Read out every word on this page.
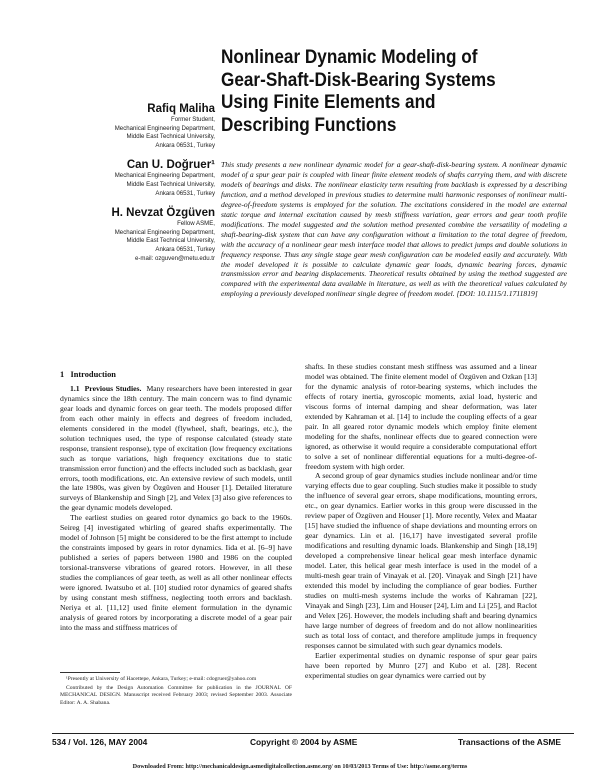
Nonlinear Dynamic Modeling of
Gear-Shaft-Disk-Bearing Systems
Using Finite Elements and
Describing Functions
Rafiq Maliha
Former Student,
Mechanical Engineering Department,
Middle East Technical University,
Ankara 06531, Turkey
Can U. Doğruer¹
Mechanical Engineering Department,
Middle East Technical University,
Ankara 06531, Turkey
H. Nevzat Özgüven
Fellow ASME,
Mechanical Engineering Department,
Middle East Technical University,
Ankara 06531, Turkey
e-mail: ozguven@metu.edu.tr
This study presents a new nonlinear dynamic model for a gear-shaft-disk-bearing system. A nonlinear dynamic model of a spur gear pair is coupled with linear finite element models of shafts carrying them, and with discrete models of bearings and disks. The nonlinear elasticity term resulting from backlash is expressed by a describing function, and a method developed in previous studies to determine multi harmonic responses of nonlinear multi-degree-of-freedom systems is employed for the solution. The excitations considered in the model are external static torque and internal excitation caused by mesh stiffness variation, gear errors and gear tooth profile modifications. The model suggested and the solution method presented combine the versatility of modeling a shaft-bearing-disk system that can have any configuration without a limitation to the total degree of freedom, with the accuracy of a nonlinear gear mesh interface model that allows to predict jumps and double solutions in frequency response. Thus any single stage gear mesh configuration can be modeled easily and accurately. With the model developed it is possible to calculate dynamic gear loads, dynamic bearing forces, dynamic transmission error and bearing displacements. Theoretical results obtained by using the method suggested are compared with the experimental data available in literature, as well as with the theoretical values calculated by employing a previously developed nonlinear single degree of freedom model. [DOI: 10.1115/1.1711819]
1 Introduction

1.1 Previous Studies. Many researchers have been interested in gear dynamics since the 18th century. The main concern was to find dynamic gear loads and dynamic forces on gear teeth. The models proposed differ from each other mainly in effects and degrees of freedom included, elements considered in the model (flywheel, shaft, bearings, etc.), the solution techniques used, the type of response calculated (steady state response, transient response), type of excitation (low frequency excitations such as torque variations, high frequency excitations due to static transmission error function) and the effects included such as backlash, gear errors, tooth modifications, etc. An extensive review of such models, until the late 1980s, was given by Özgüven and Houser [1]. Detailed literature surveys of Blankenship and Singh [2], and Velex [3] also give references to the gear dynamic models developed.

The earliest studies on geared rotor dynamics go back to the 1960s. Seireg [4] investigated whirling of geared shafts experimentally. The model of Johnson [5] might be considered to be the first attempt to include the constraints imposed by gears in rotor dynamics. Iida et al. [6–9] have published a series of papers between 1980 and 1986 on the coupled torsional-transverse vibrations of geared rotors. However, in all these studies the compliances of gear teeth, as well as all other nonlinear effects were ignored. Iwatsubo et al. [10] studied rotor dynamics of geared shafts by using constant mesh stiffness, neglecting tooth errors and backlash. Neriya et al. [11,12] used finite element formulation in the dynamic analysis of geared rotors by incorporating a discrete model of a gear pair into the mass and stiffness matrices of

shafts. In these studies constant mesh stiffness was assumed and a linear model was obtained. The finite element model of Özgüven and Ozkan [13] for the dynamic analysis of rotor-bearing systems, which includes the effects of rotary inertia, gyroscopic moments, axial load, hysteric and viscous forms of internal damping and shear deformation, was later extended by Kahraman et al. [14] to include the coupling effects of a gear pair. In all geared rotor dynamic models which employ finite element modeling for the shafts, nonlinear effects due to geared connection were ignored, as otherwise it would require a considerable computational effort to solve a set of nonlinear differential equations for a multi-degree-of-freedom system with high order.

A second group of gear dynamics studies include nonlinear and/or time varying effects due to gear coupling. Such studies make it possible to study the influence of several gear errors, shape modifications, mounting errors, etc., on gear dynamics. Earlier works in this group were discussed in the review paper of Özgüven and Houser [1]. More recently, Velex and Maatar [15] have studied the influence of shape deviations and mounting errors on gear dynamics. Lin et al. [16,17] have investigated several profile modifications and resulting dynamic loads. Blankenship and Singh [18,19] developed a comprehensive linear helical gear mesh interface dynamic model. Later, this helical gear mesh interface is used in the model of a multi-mesh gear train of Vinayak et al. [20]. Vinayak and Singh [21] have extended this model by including the compliance of gear bodies. Further studies on multi-mesh systems include the works of Kahraman [22], Vinayak and Singh [23], Lim and Houser [24], Lim and Li [25], and Raclot and Velex [26]. However, the models including shaft and bearing dynamics have large number of degrees of freedom and do not allow nonlinearities such as total loss of contact, and therefore amplitude jumps in frequency responses cannot be simulated with such gear dynamics models.

Earlier experimental studies on dynamic response of spur gear pairs have been reported by Munro [27] and Kubo et al. [28]. Recent experimental studies on gear dynamics were carried out by

¹Presently at University of Hacettepe, Ankara, Turkey; e-mail: cdogruer@yahoo.com

Contributed by the Design Automation Committee for publication in the JOURNAL OF MECHANICAL DESIGN. Manuscript received February 2003; revised September 2003. Associate Editor: A. A. Shabana.

534 / Vol. 126, MAY 2004	Copyright © 2004 by ASME	Transactions of the ASME
Downloaded From: http://mechanicaldesign.asmedigitalcollection.asme.org/ on 10/03/2013 Terms of Use: http://asme.org/terms
